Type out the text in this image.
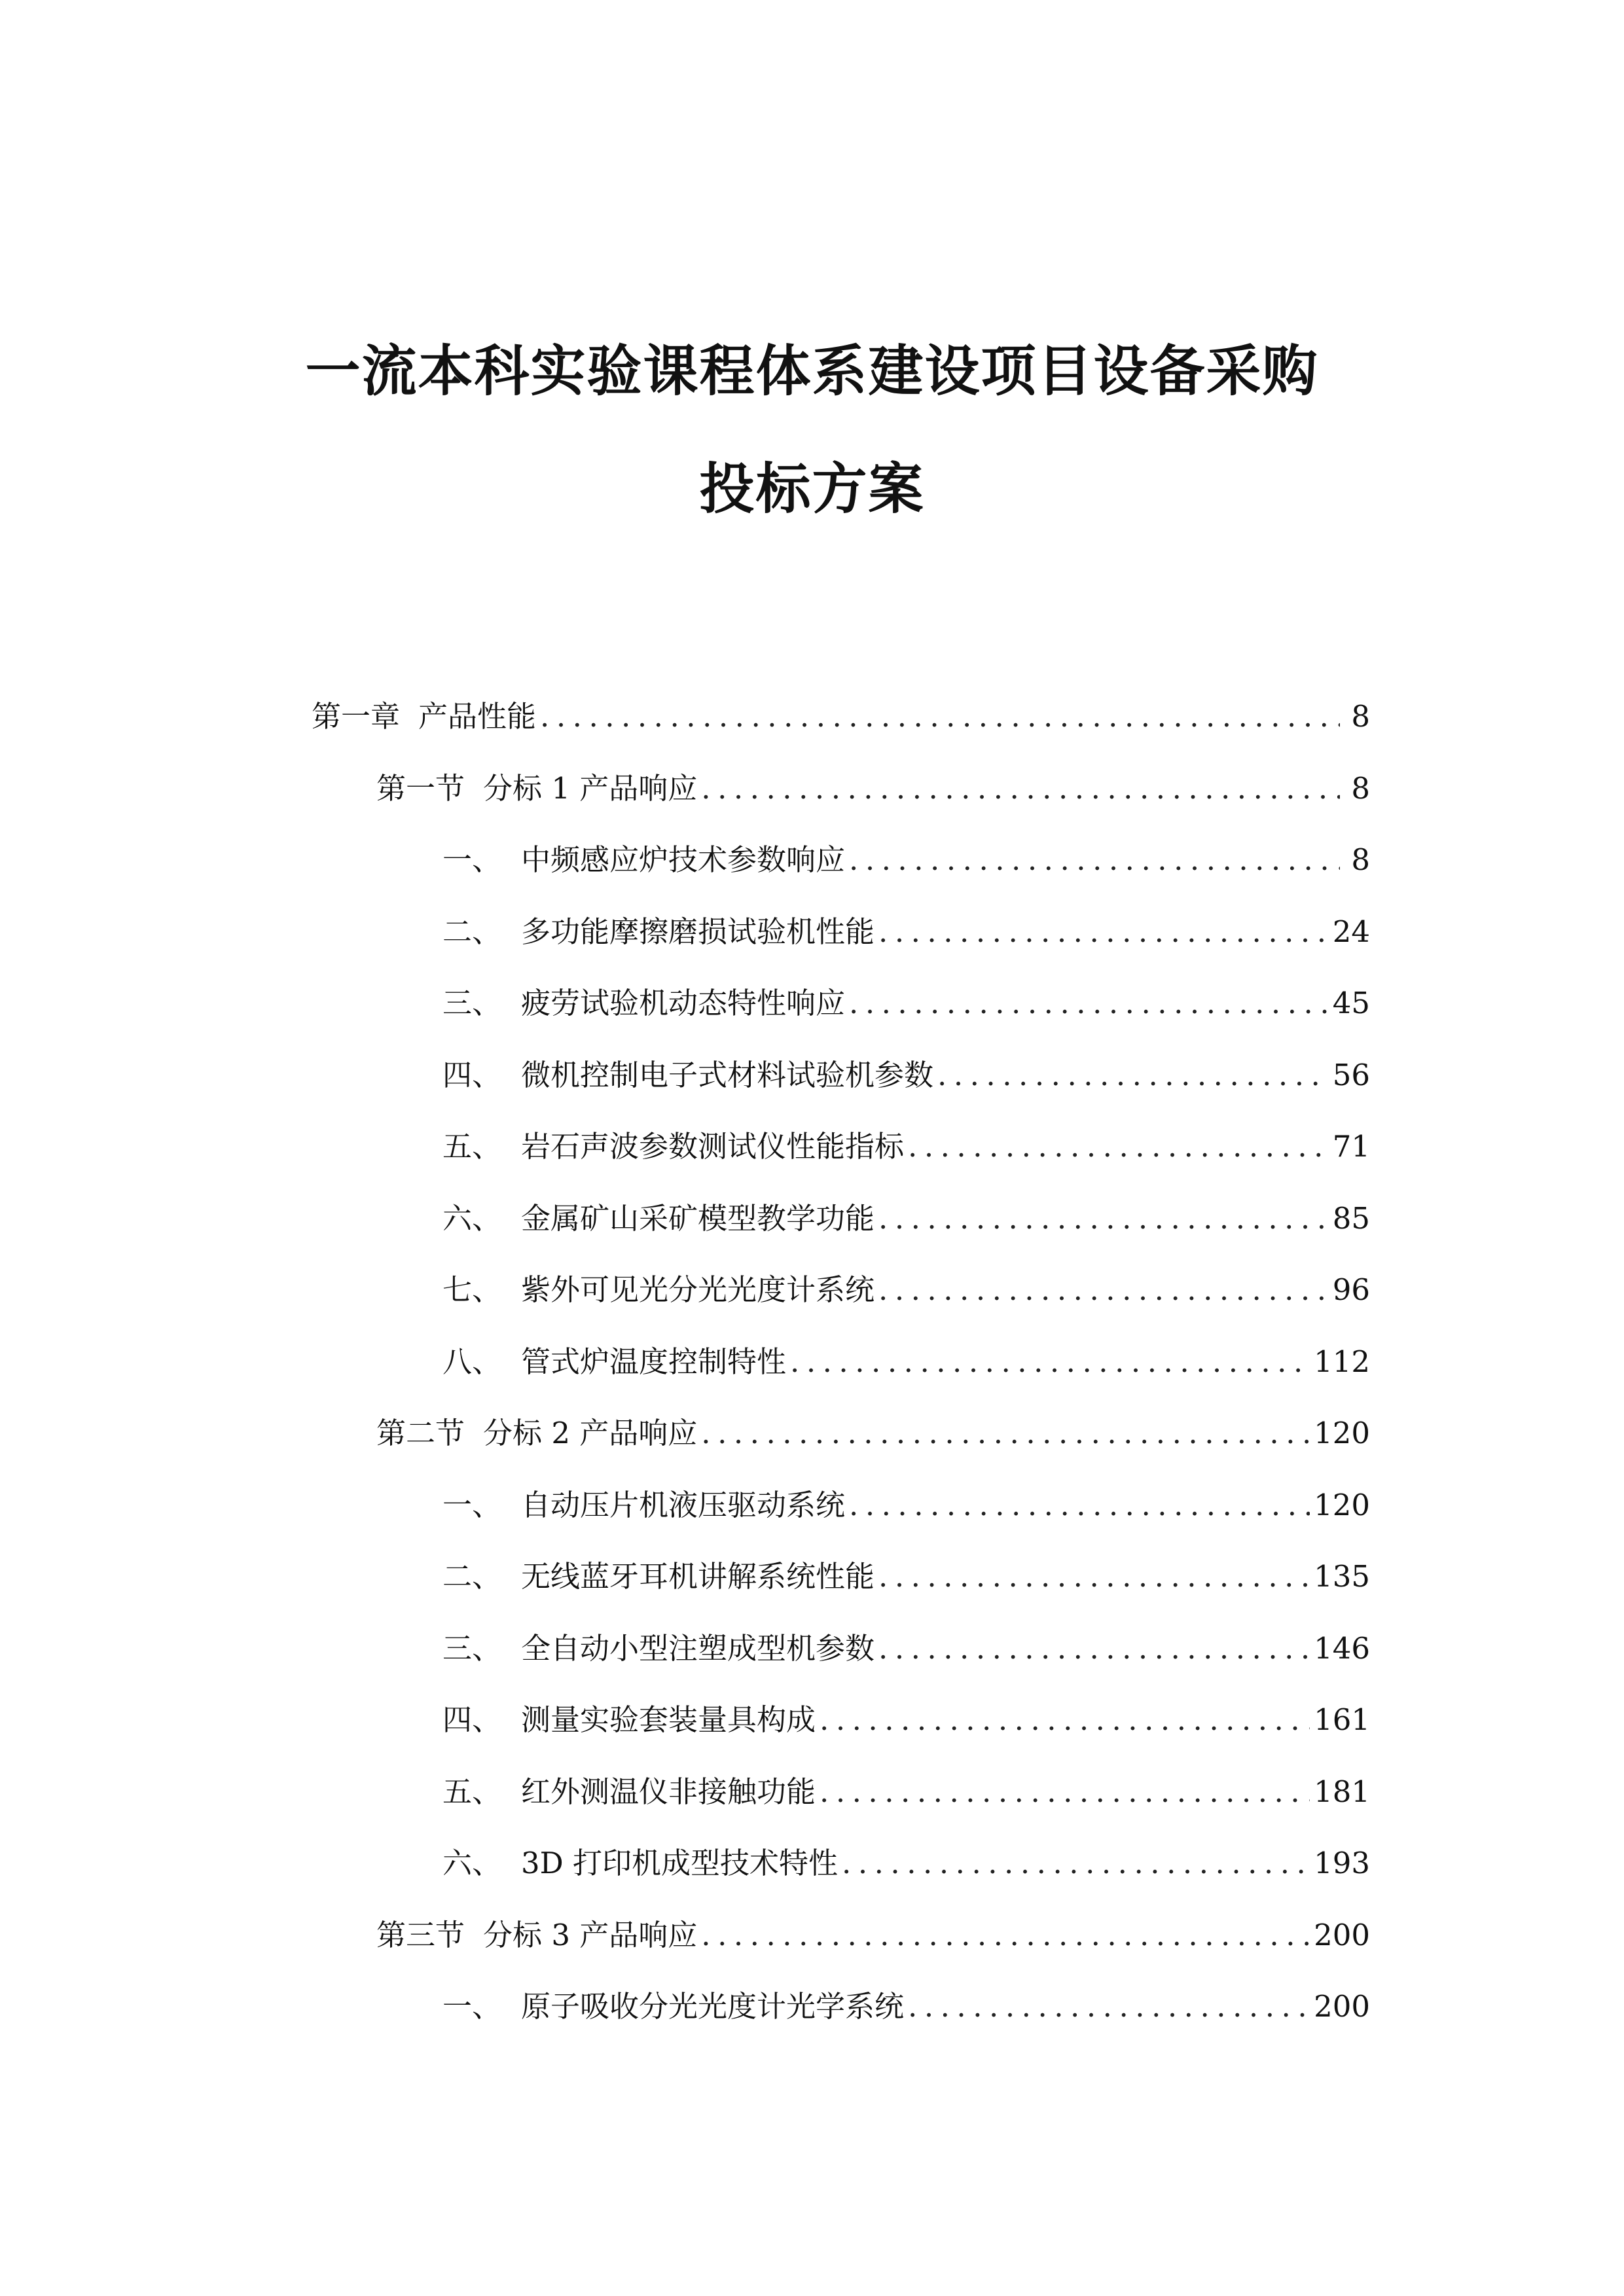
一流本科实验课程体系建设项目设备采购
投标方案
第一章 产品性能 .....	8
第一节 分标 1 产品响应 .....	8
一、 中频感应炉技术参数响应 .....	8
二、 多功能摩擦磨损试验机性能 .....	24
三、 疲劳试验机动态特性响应 .....	45
四、 微机控制电子式材料试验机参数 .....	56
五、 岩石声波参数测试仪性能指标 .....	71
六、 金属矿山采矿模型教学功能 .....	85
七、 紫外可见光分光光度计系统 .....	96
八、 管式炉温度控制特性 .....	112
第二节 分标 2 产品响应 .....	120
一、 自动压片机液压驱动系统 .....	120
二、 无线蓝牙耳机讲解系统性能 .....	135
三、 全自动小型注塑成型机参数 .....	146
四、 测量实验套装量具构成 .....	161
五、 红外测温仪非接触功能 .....	181
六、 3D 打印机成型技术特性 .....	193
第三节 分标 3 产品响应 .....	200
一、 原子吸收分光光度计光学系统 .....	200
